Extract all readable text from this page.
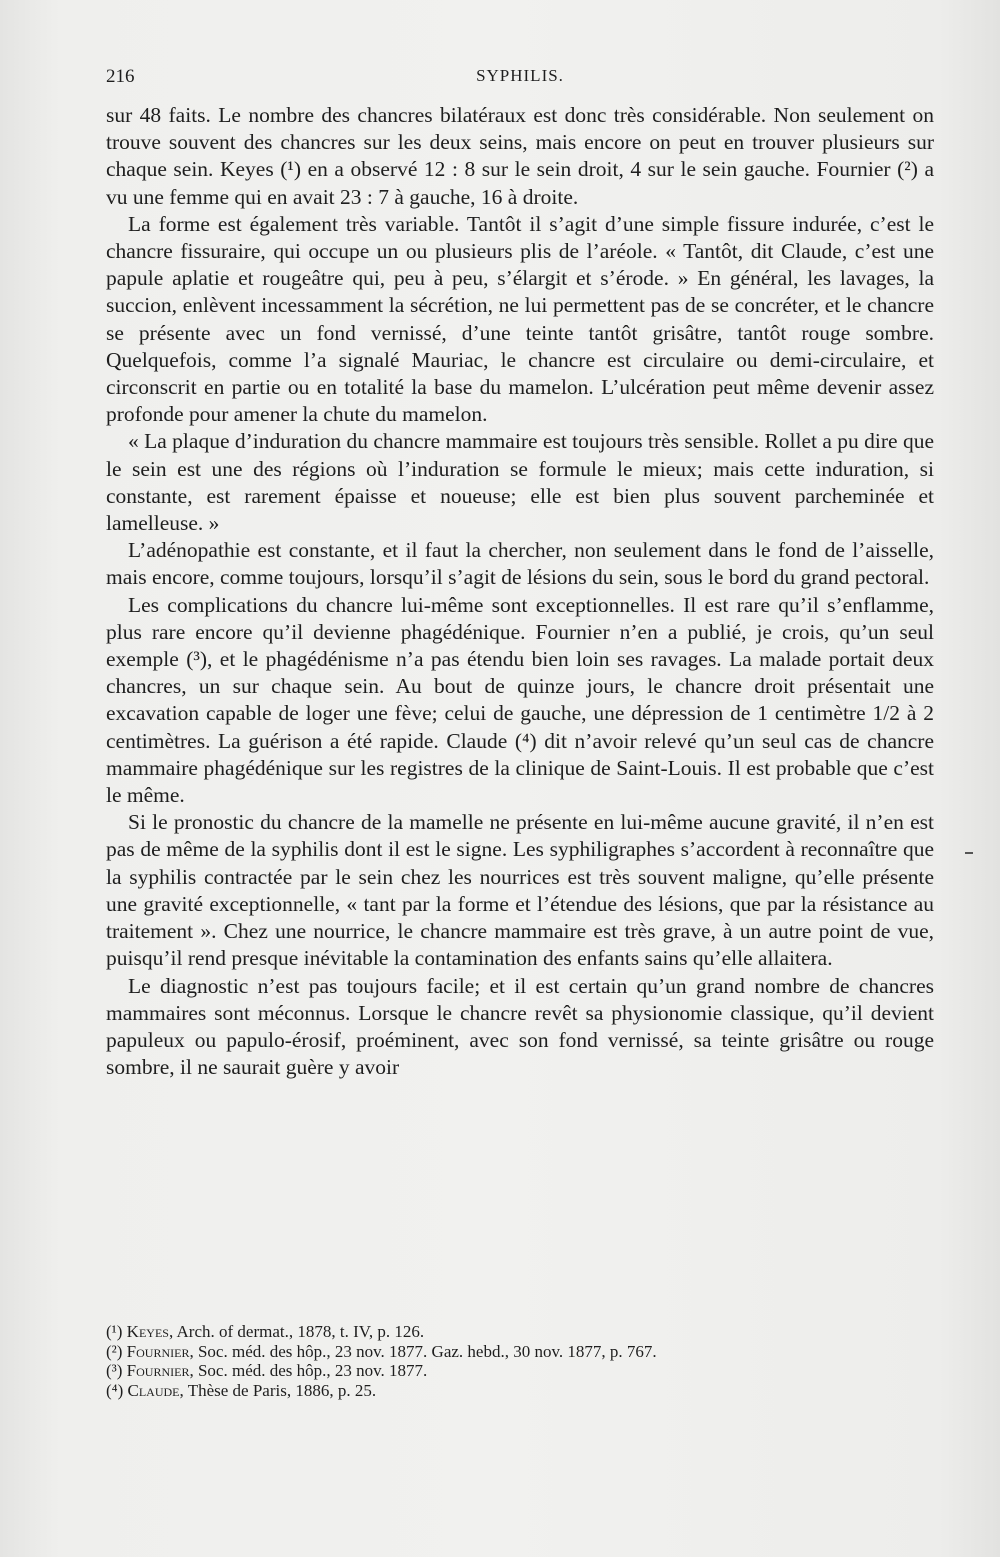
216	SYPHILIS.

sur 48 faits. Le nombre des chancres bilatéraux est donc très considérable. Non seulement on trouve souvent des chancres sur les deux seins, mais encore on peut en trouver plusieurs sur chaque sein. Keyes (¹) en a observé 12 : 8 sur le sein droit, 4 sur le sein gauche. Fournier (²) a vu une femme qui en avait 23 : 7 à gauche, 16 à droite.

La forme est également très variable. Tantôt il s’agit d’une simple fissure indurée, c’est le chancre fissuraire, qui occupe un ou plusieurs plis de l’aréole. « Tantôt, dit Claude, c’est une papule aplatie et rougeâtre qui, peu à peu, s’élargit et s’érode. » En général, les lavages, la succion, enlèvent incessamment la sécrétion, ne lui permettent pas de se concréter, et le chancre se présente avec un fond vernissé, d’une teinte tantôt grisâtre, tantôt rouge sombre. Quelquefois, comme l’a signalé Mauriac, le chancre est circulaire ou demi-circulaire, et circonscrit en partie ou en totalité la base du mamelon. L’ulcération peut même devenir assez profonde pour amener la chute du mamelon.

« La plaque d’induration du chancre mammaire est toujours très sensible. Rollet a pu dire que le sein est une des régions où l’induration se formule le mieux; mais cette induration, si constante, est rarement épaisse et noueuse; elle est bien plus souvent parcheminée et lamelleuse. »

L’adénopathie est constante, et il faut la chercher, non seulement dans le fond de l’aisselle, mais encore, comme toujours, lorsqu’il s’agit de lésions du sein, sous le bord du grand pectoral.

Les complications du chancre lui-même sont exceptionnelles. Il est rare qu’il s’enflamme, plus rare encore qu’il devienne phagédénique. Fournier n’en a publié, je crois, qu’un seul exemple (³), et le phagédénisme n’a pas étendu bien loin ses ravages. La malade portait deux chancres, un sur chaque sein. Au bout de quinze jours, le chancre droit présentait une excavation capable de loger une fève; celui de gauche, une dépression de 1 centimètre 1/2 à 2 centimètres. La guérison a été rapide. Claude (⁴) dit n’avoir relevé qu’un seul cas de chancre mammaire phagédénique sur les registres de la clinique de Saint-Louis. Il est probable que c’est le même.

Si le pronostic du chancre de la mamelle ne présente en lui-même aucune gravité, il n’en est pas de même de la syphilis dont il est le signe. Les syphiligraphes s’accordent à reconnaître que la syphilis contractée par le sein chez les nourrices est très souvent maligne, qu’elle présente une gravité exceptionnelle, « tant par la forme et l’étendue des lésions, que par la résistance au traitement ». Chez une nourrice, le chancre mammaire est très grave, à un autre point de vue, puisqu’il rend presque inévitable la contamination des enfants sains qu’elle allaitera.

Le diagnostic n’est pas toujours facile; et il est certain qu’un grand nombre de chancres mammaires sont méconnus. Lorsque le chancre revêt sa physionomie classique, qu’il devient papuleux ou papulo-érosif, proéminent, avec son fond vernissé, sa teinte grisâtre ou rouge sombre, il ne saurait guère y avoir

(¹) Keyes, Arch. of dermat., 1878, t. IV, p. 126.
(²) Fournier, Soc. méd. des hôp., 23 nov. 1877. Gaz. hebd., 30 nov. 1877, p. 767.
(³) Fournier, Soc. méd. des hôp., 23 nov. 1877.
(⁴) Claude, Thèse de Paris, 1886, p. 25.
